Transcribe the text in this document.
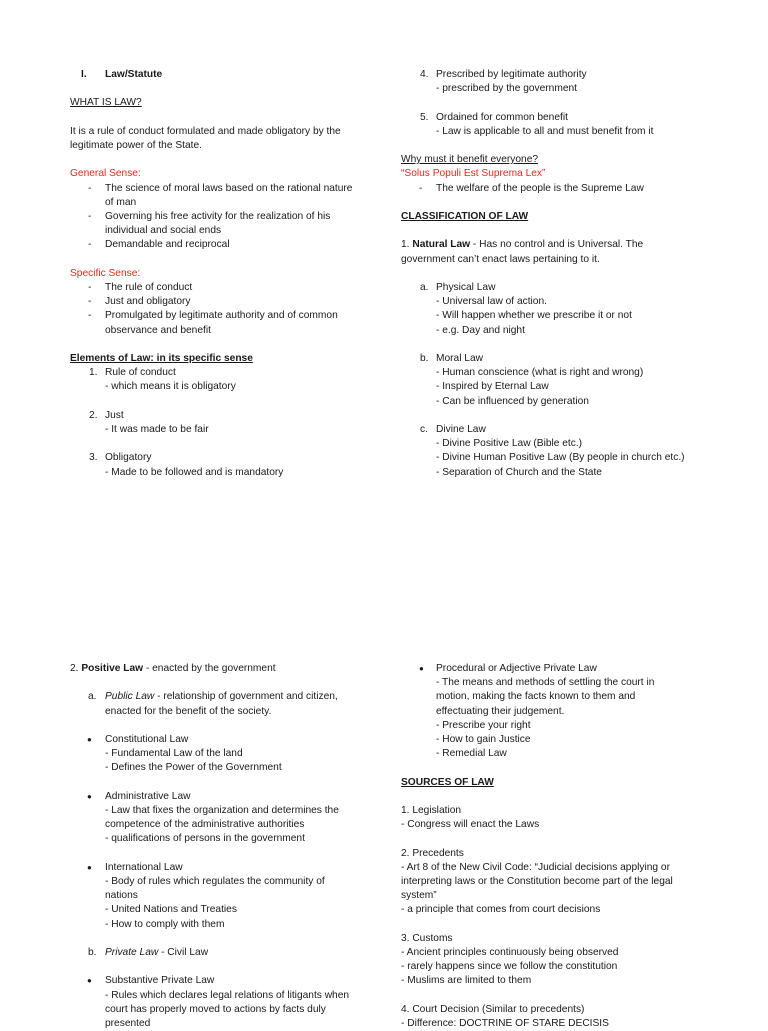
I. Law/Statute
WHAT IS LAW?
It is a rule of conduct formulated and made obligatory by the
legitimate power of the State.
General Sense:
- The science of moral laws based on the rational nature
of man
- Governing his free activity for the realization of his
individual and social ends
- Demandable and reciprocal
Specific Sense:
- The rule of conduct
- Just and obligatory
- Promulgated by legitimate authority and of common
observance and benefit
Elements of Law: in its specific sense
1. Rule of conduct
- which means it is obligatory
2. Just
- It was made to be fair
3. Obligatory
- Made to be followed and is mandatory
4. Prescribed by legitimate authority
- prescribed by the government
5. Ordained for common benefit
- Law is applicable to all and must benefit from it
Why must it benefit everyone?
“Solus Populi Est Suprema Lex”
- The welfare of the people is the Supreme Law
CLASSIFICATION OF LAW
1. Natural Law - Has no control and is Universal. The
government can’t enact laws pertaining to it.
a. Physical Law
- Universal law of action.
- Will happen whether we prescribe it or not
- e.g. Day and night
b. Moral Law
- Human conscience (what is right and wrong)
- Inspired by Eternal Law
- Can be influenced by generation
c. Divine Law
- Divine Positive Law (Bible etc.)
- Divine Human Positive Law (By people in church etc.)
- Separation of Church and the State
2. Positive Law - enacted by the government
a. Public Law - relationship of government and citizen,
enacted for the benefit of the society.
● Constitutional Law
- Fundamental Law of the land
- Defines the Power of the Government
● Administrative Law
- Law that fixes the organization and determines the
competence of the administrative authorities
- qualifications of persons in the government
● International Law
- Body of rules which regulates the community of
nations
- United Nations and Treaties
- How to comply with them
b. Private Law - Civil Law
● Substantive Private Law
- Rules which declares legal relations of litigants when
court has properly moved to actions by facts duly
presented
● Procedural or Adjective Private Law
- The means and methods of settling the court in
motion, making the facts known to them and
effectuating their judgement.
- Prescribe your right
- How to gain Justice
- Remedial Law
SOURCES OF LAW
1. Legislation
- Congress will enact the Laws
2. Precedents
- Art 8 of the New Civil Code: “Judicial decisions applying or
interpreting laws or the Constitution become part of the legal
system”
- a principle that comes from court decisions
3. Customs
- Ancient principles continuously being observed
- rarely happens since we follow the constitution
- Muslims are limited to them
4. Court Decision (Similar to precedents)
- Difference: DOCTRINE OF STARE DECISIS
